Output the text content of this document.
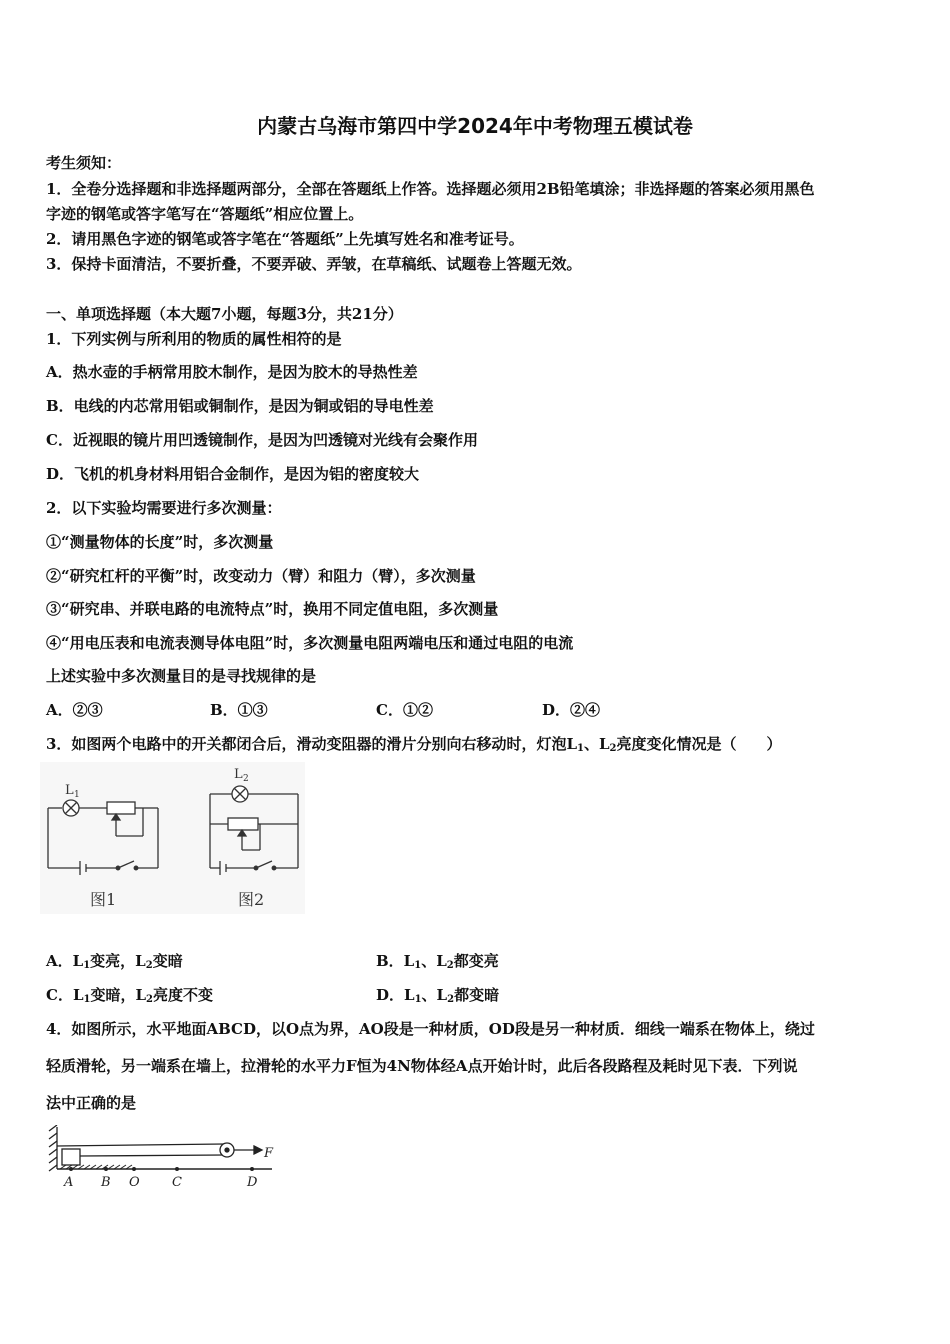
内蒙古乌海市第四中学2024年中考物理五模试卷
考生须知：
1．全卷分选择题和非选择题两部分，全部在答题纸上作答。选择题必须用2B铅笔填涂；非选择题的答案必须用黑色
字迹的钢笔或答字笔写在“答题纸”相应位置上。
2．请用黑色字迹的钢笔或答字笔在“答题纸”上先填写姓名和准考证号。
3．保持卡面清洁，不要折叠，不要弄破、弄皱，在草稿纸、试题卷上答题无效。
一、单项选择题（本大题7小题，每题3分，共21分）
1．下列实例与所利用的物质的属性相符的是
A．热水壶的手柄常用胶木制作，是因为胶木的导热性差
B．电线的内芯常用铝或铜制作，是因为铜或铝的导电性差
C．近视眼的镜片用凹透镜制作，是因为凹透镜对光线有会聚作用
D．飞机的机身材料用铝合金制作，是因为铝的密度较大
2．以下实验均需要进行多次测量：
①“测量物体的长度”时，多次测量
②“研究杠杆的平衡”时，改变动力（臂）和阻力（臂），多次测量
③“研究串、并联电路的电流特点”时，换用不同定值电阻，多次测量
④“用电压表和电流表测导体电阻”时，多次测量电阻两端电压和通过电阻的电流
上述实验中多次测量目的是寻找规律的是
A．②③	B．①③	C．①②	D．②④
3．如图两个电路中的开关都闭合后，滑动变阻器的滑片分别向右移动时，灯泡$L_1$、$L_2$亮度变化情况是（　　）
L 1
图1
L 2
图2
A．$L_1$变亮，$L_2$变暗	B．$L_1$、$L_2$都变亮
C．$L_1$变暗，$L_2$亮度不变	D．$L_1$、$L_2$都变暗
4．如图所示，水平地面ABCD，以O点为界，AO段是一种材质，OD段是另一种材质．细线一端系在物体上，绕过
轻质滑轮，另一端系在墙上，拉滑轮的水平力F恒为4N物体经A点开始计时，此后各段路程及耗时见下表．下列说
法中正确的是
F
A B O C	D
